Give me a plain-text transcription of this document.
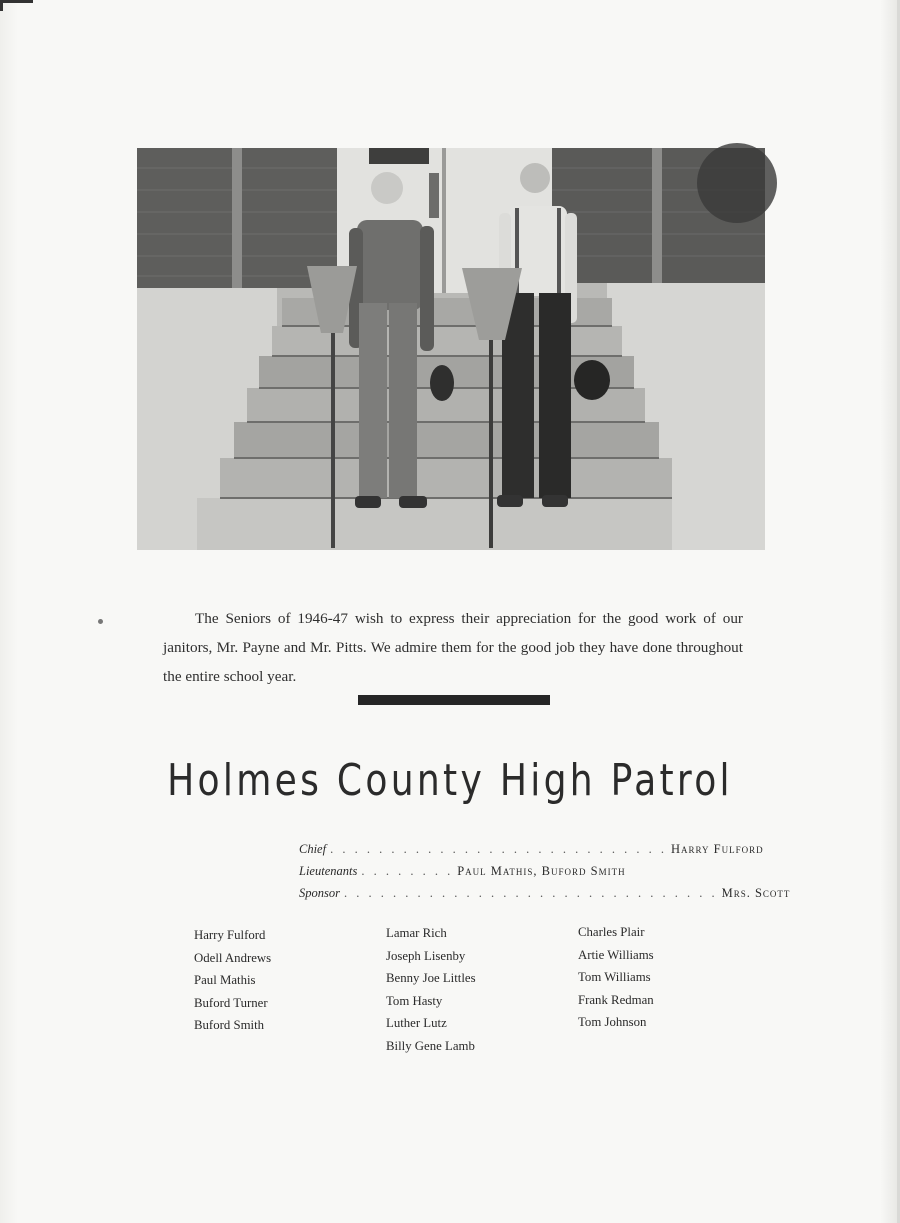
The Seniors of 1946-47 wish to express their appreciation for the good work of our janitors, Mr. Payne and Mr. Pitts. We admire them for the good job they have done throughout the entire school year.

Holmes County High Patrol
Chief . . . . . . . . . . . . . . . . . . . . . . . . . . . . Harry Fulford
Lieutenants . . . . . . . . Paul Mathis, Buford Smith
Sponsor . . . . . . . . . . . . . . . . . . . . . . . . . . . . . . . Mrs. Scott
Harry Fulford
Odell Andrews
Paul Mathis
Buford Turner
Buford Smith
Lamar Rich
Joseph Lisenby
Benny Joe Littles
Tom Hasty
Luther Lutz
Billy Gene Lamb
Charles Plair
Artie Williams
Tom Williams
Frank Redman
Tom Johnson
